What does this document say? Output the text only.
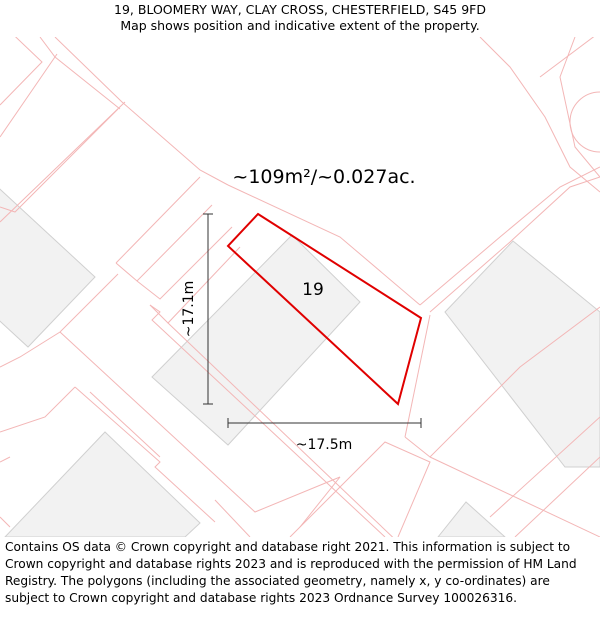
19, BLOOMERY WAY, CLAY CROSS, CHESTERFIELD, S45 9FD
Map shows position and indicative extent of the property.
~109m²/~0.027ac.
19
~17.1m
~17.5m
Contains OS data © Crown copyright and database right 2021. This information is subject to Crown copyright and database rights 2023 and is reproduced with the permission of HM Land Registry. The polygons (including the associated geometry, namely x, y co-ordinates) are subject to Crown copyright and database rights 2023 Ordnance Survey 100026316.
